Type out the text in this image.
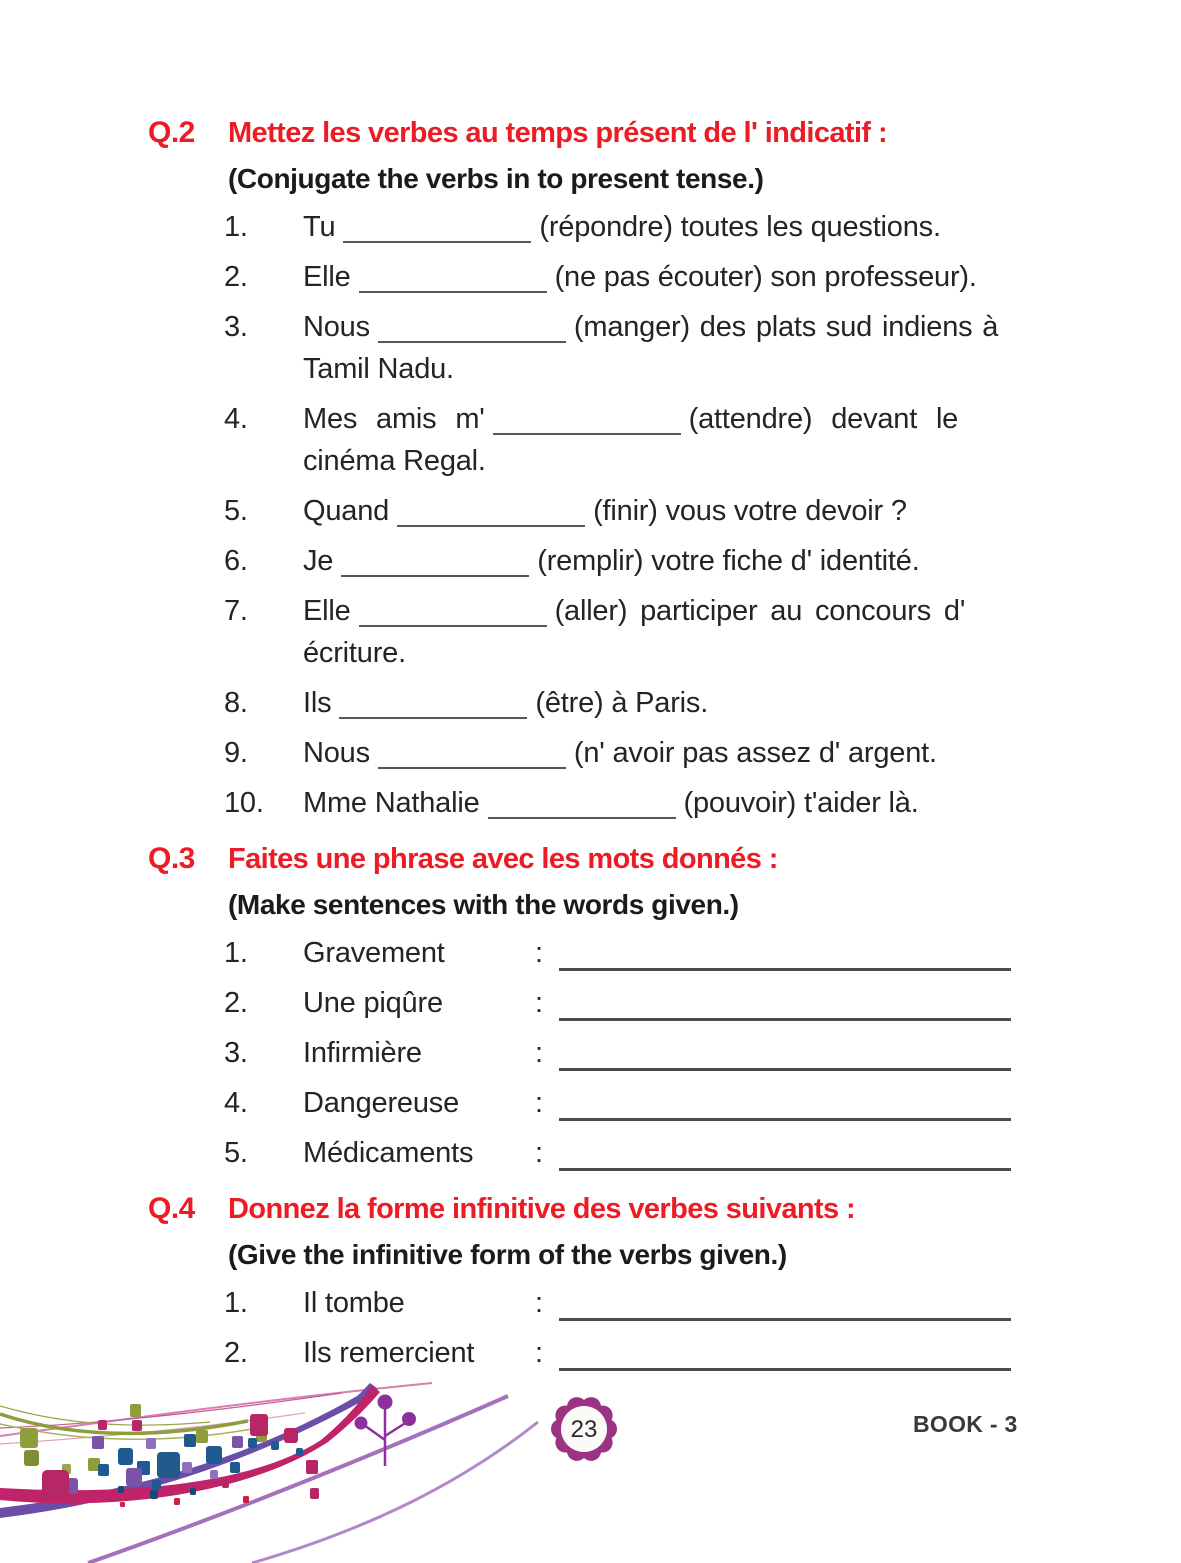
Q.2	Mettez les verbes au temps présent de l' indicatif :

(Conjugate the verbs in to present tense.)

1.	Tu	(répondre) toutes les questions.

2.	Elle	(ne pas écouter) son professeur).

3.	Nous	(manger) des plats sud indiens à
Tamil Nadu.

4.	Mes amis m'	(attendre) devant le
cinéma Regal.

5.	Quand	(finir) vous votre devoir ?

6.	Je	(remplir) votre fiche d' identité.

7.	Elle	(aller) participer au concours d'
écriture.

8.	Ils	(être) à Paris.

9.	Nous	(n' avoir pas assez d' argent.

10.	Mme Nathalie	(pouvoir) t'aider là.

Q.3	Faites une phrase avec les mots donnés :

(Make sentences with the words given.)

1.	Gravement	:
2.	Une piqûre	:
3.	Infirmière	:
4.	Dangereuse	:
5.	Médicaments	:
Q.4	Donnez la forme infinitive des verbes suivants :

(Give the infinitive form of the verbs given.)

1.	Il tombe	:
2.	Ils remercient	:
23	BOOK - 3
